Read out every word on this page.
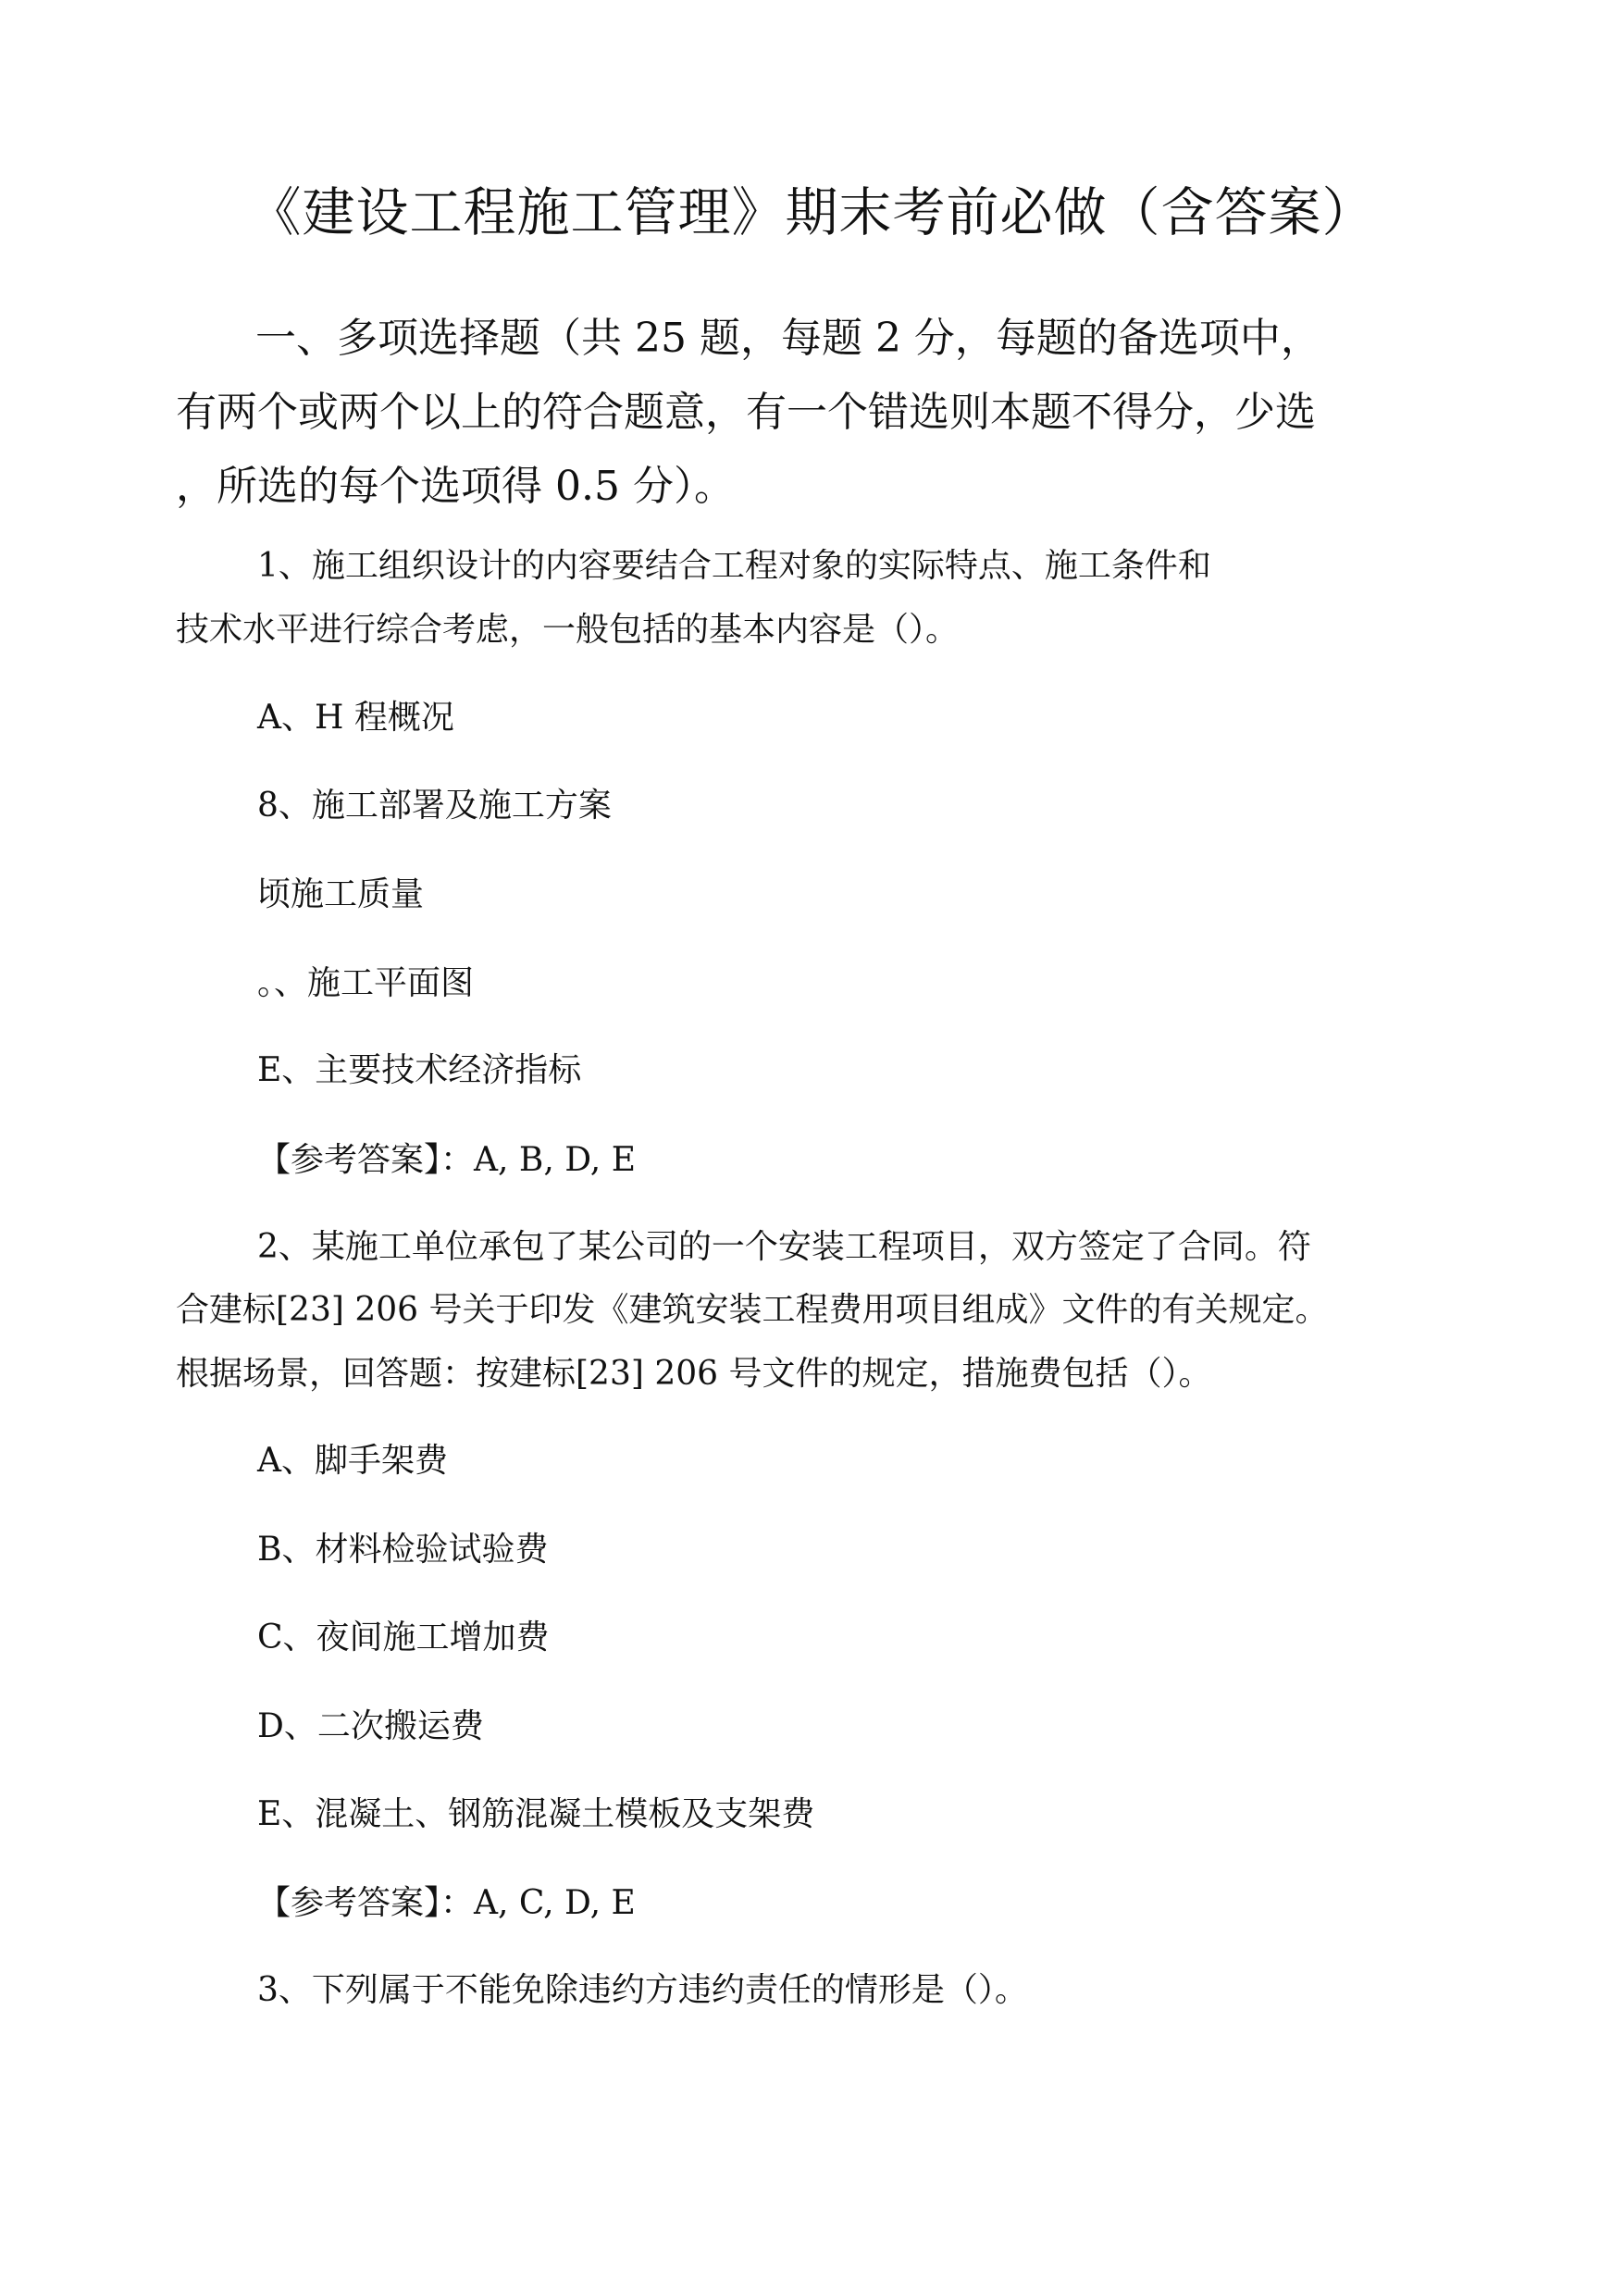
《建设工程施工管理》期末考前必做（含答案）
一、多项选择题（共 25 题，每题 2 分，每题的备选项中，
有两个或两个以上的符合题意，有一个错选则本题不得分，少选
，所选的每个选项得 0.5 分）。
1、施工组织设计的内容要结合工程对象的实际特点、施工条件和
技术水平进行综合考虑，一般包括的基本内容是（）。
A、H 程概况
8、施工部署及施工方案
顷施工质量
。、施工平面图
E、主要技术经济指标
【参考答案】：A, B, D, E
2、某施工单位承包了某公司的一个安装工程项目，双方签定了合同。符
合建标[23] 206 号关于印发《建筑安装工程费用项目组成》文件的有关规定。
根据场景，回答题：按建标[23] 206 号文件的规定，措施费包括（）。
A、脚手架费
B、材料检验试验费
C、夜间施工增加费
D、二次搬运费
E、混凝土、钢筋混凝土模板及支架费
【参考答案】：A, C, D, E
3、下列属于不能免除违约方违约责任的情形是（）。
